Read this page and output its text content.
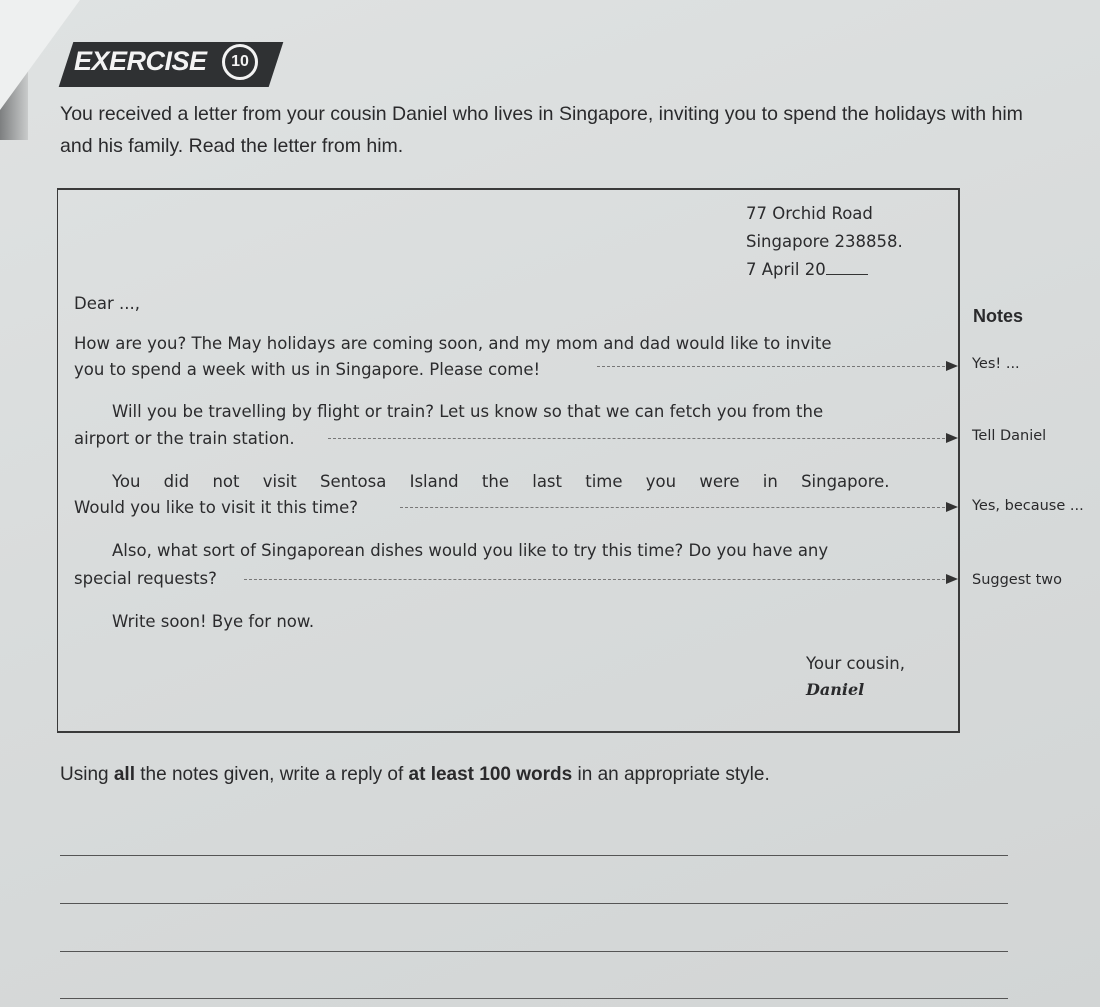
EXERCISE	10
You received a letter from your cousin Daniel who lives in Singapore, inviting you to spend the holidays with him and his family. Read the letter from him.
77 Orchid Road
Singapore 238858.
7 April 20
Dear ...,
How are you? The May holidays are coming soon, and my mom and dad would like to invite
you to spend a week with us in Singapore. Please come!
Will you be travelling by flight or train? Let us know so that we can fetch you from the
airport or the train station.
You did not visit Sentosa Island the last time you were in Singapore.
Would you like to visit it this time?
Also, what sort of Singaporean dishes would you like to try this time? Do you have any
special requests?
Write soon! Bye for now.
Your cousin,
Daniel
Notes
Yes! ...
Tell Daniel
Yes, because ...
Suggest two
Using all the notes given, write a reply of at least 100 words in an appropriate style.
